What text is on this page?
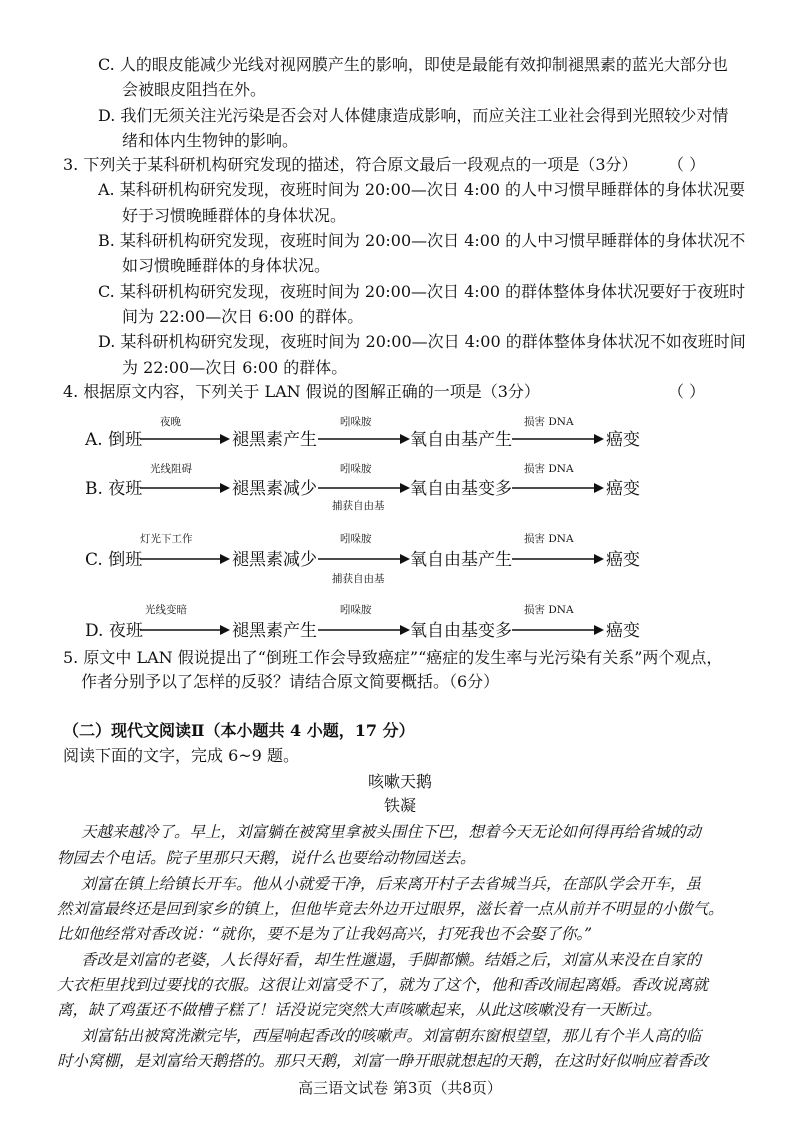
C. 人的眼皮能减少光线对视网膜产生的影响，即使是最能有效抑制褪黑素的蓝光大部分也
会被眼皮阻挡在外。
D. 我们无须关注光污染是否会对人体健康造成影响，而应关注工业社会得到光照较少对情
绪和体内生物钟的影响。
3. 下列关于某科研机构研究发现的描述，符合原文最后一段观点的一项是（3分） （ ）
A. 某科研机构研究发现，夜班时间为 20:00—次日 4:00 的人中习惯早睡群体的身体状况要
好于习惯晚睡群体的身体状况。
B. 某科研机构研究发现，夜班时间为 20:00—次日 4:00 的人中习惯早睡群体的身体状况不
如习惯晚睡群体的身体状况。
C. 某科研机构研究发现，夜班时间为 20:00—次日 4:00 的群体整体身体状况要好于夜班时
间为 22:00—次日 6:00 的群体。
D. 某科研机构研究发现，夜班时间为 20:00—次日 4:00 的群体整体身体状况不如夜班时间
为 22:00—次日 6:00 的群体。
4. 根据原文内容，下列关于 LAN 假说的图解正确的一项是（3分）	（ ）
A. 倒班
夜晚
褪黑素产生
吲哚胺
氧自由基产生
损害 DNA
癌变
B. 夜班
光线阻碍
褪黑素减少
吲哚胺
捕获自由基
氧自由基变多
损害 DNA
癌变
C. 倒班
灯光下工作
褪黑素减少
吲哚胺
捕获自由基
氧自由基产生
损害 DNA
癌变
D. 夜班
光线变暗
褪黑素产生
吲哚胺
氧自由基变多
损害 DNA
癌变
5. 原文中 LAN 假说提出了“倒班工作会导致癌症”“癌症的发生率与光污染有关系”两个观点，
作者分别予以了怎样的反驳？请结合原文简要概括。（6分）
（二）现代文阅读Ⅱ（本小题共 4 小题，17 分）
阅读下面的文字，完成 6~9 题。
咳嗽天鹅
铁凝
天越来越冷了。早上，刘富躺在被窝里拿被头围住下巴，想着今天无论如何得再给省城的动
物园去个电话。院子里那只天鹅，说什么也要给动物园送去。
刘富在镇上给镇长开车。他从小就爱干净，后来离开村子去省城当兵，在部队学会开车，虽
然刘富最终还是回到家乡的镇上，但他毕竟去外边开过眼界，滋长着一点从前并不明显的小傲气。
比如他经常对香改说：“就你，要不是为了让我妈高兴，打死我也不会娶了你。”
香改是刘富的老婆，人长得好看，却生性邋遢，手脚都懒。结婚之后，刘富从来没在自家的
大衣柜里找到过要找的衣服。这很让刘富受不了，就为了这个，他和香改闹起离婚。香改说离就
离，缺了鸡蛋还不做槽子糕了！话没说完突然大声咳嗽起来，从此这咳嗽没有一天断过。
刘富钻出被窝洗漱完毕，西屋响起香改的咳嗽声。刘富朝东窗根望望，那儿有个半人高的临
时小窝棚，是刘富给天鹅搭的。那只天鹅，刘富一睁开眼就想起的天鹅，在这时好似响应着香改
高三语文试卷 第3页（共8页）
